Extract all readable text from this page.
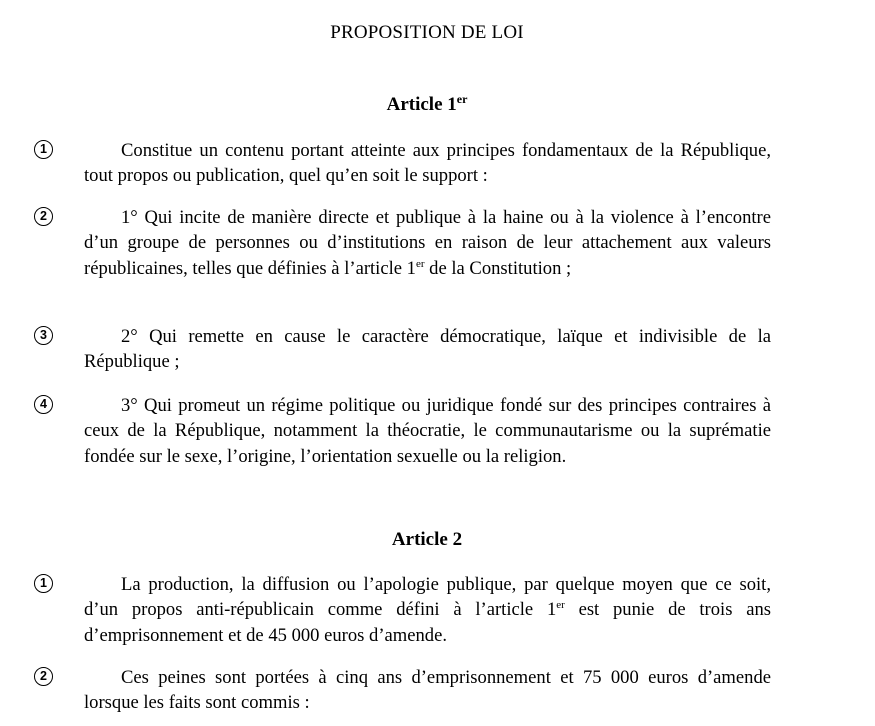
PROPOSITION DE LOI
Article 1er
1	Constitue un contenu portant atteinte aux principes fondamentaux de la République, tout propos ou publication, quel qu’en soit le support :
2	1° Qui incite de manière directe et publique à la haine ou à la violence à l’encontre d’un groupe de personnes ou d’institutions en raison de leur attachement aux valeurs républicaines, telles que définies à l’article 1er de la Constitution ;
3	2° Qui remette en cause le caractère démocratique, laïque et indivisible de la République ;
4	3° Qui promeut un régime politique ou juridique fondé sur des principes contraires à ceux de la République, notamment la théocratie, le communautarisme ou la suprématie fondée sur le sexe, l’origine, l’orientation sexuelle ou la religion.
Article 2
1	La production, la diffusion ou l’apologie publique, par quelque moyen que ce soit, d’un propos anti-républicain comme défini à l’article 1er est punie de trois ans d’emprisonnement et de 45 000 euros d’amende.
2	Ces peines sont portées à cinq ans d’emprisonnement et 75 000 euros d’amende lorsque les faits sont commis :
